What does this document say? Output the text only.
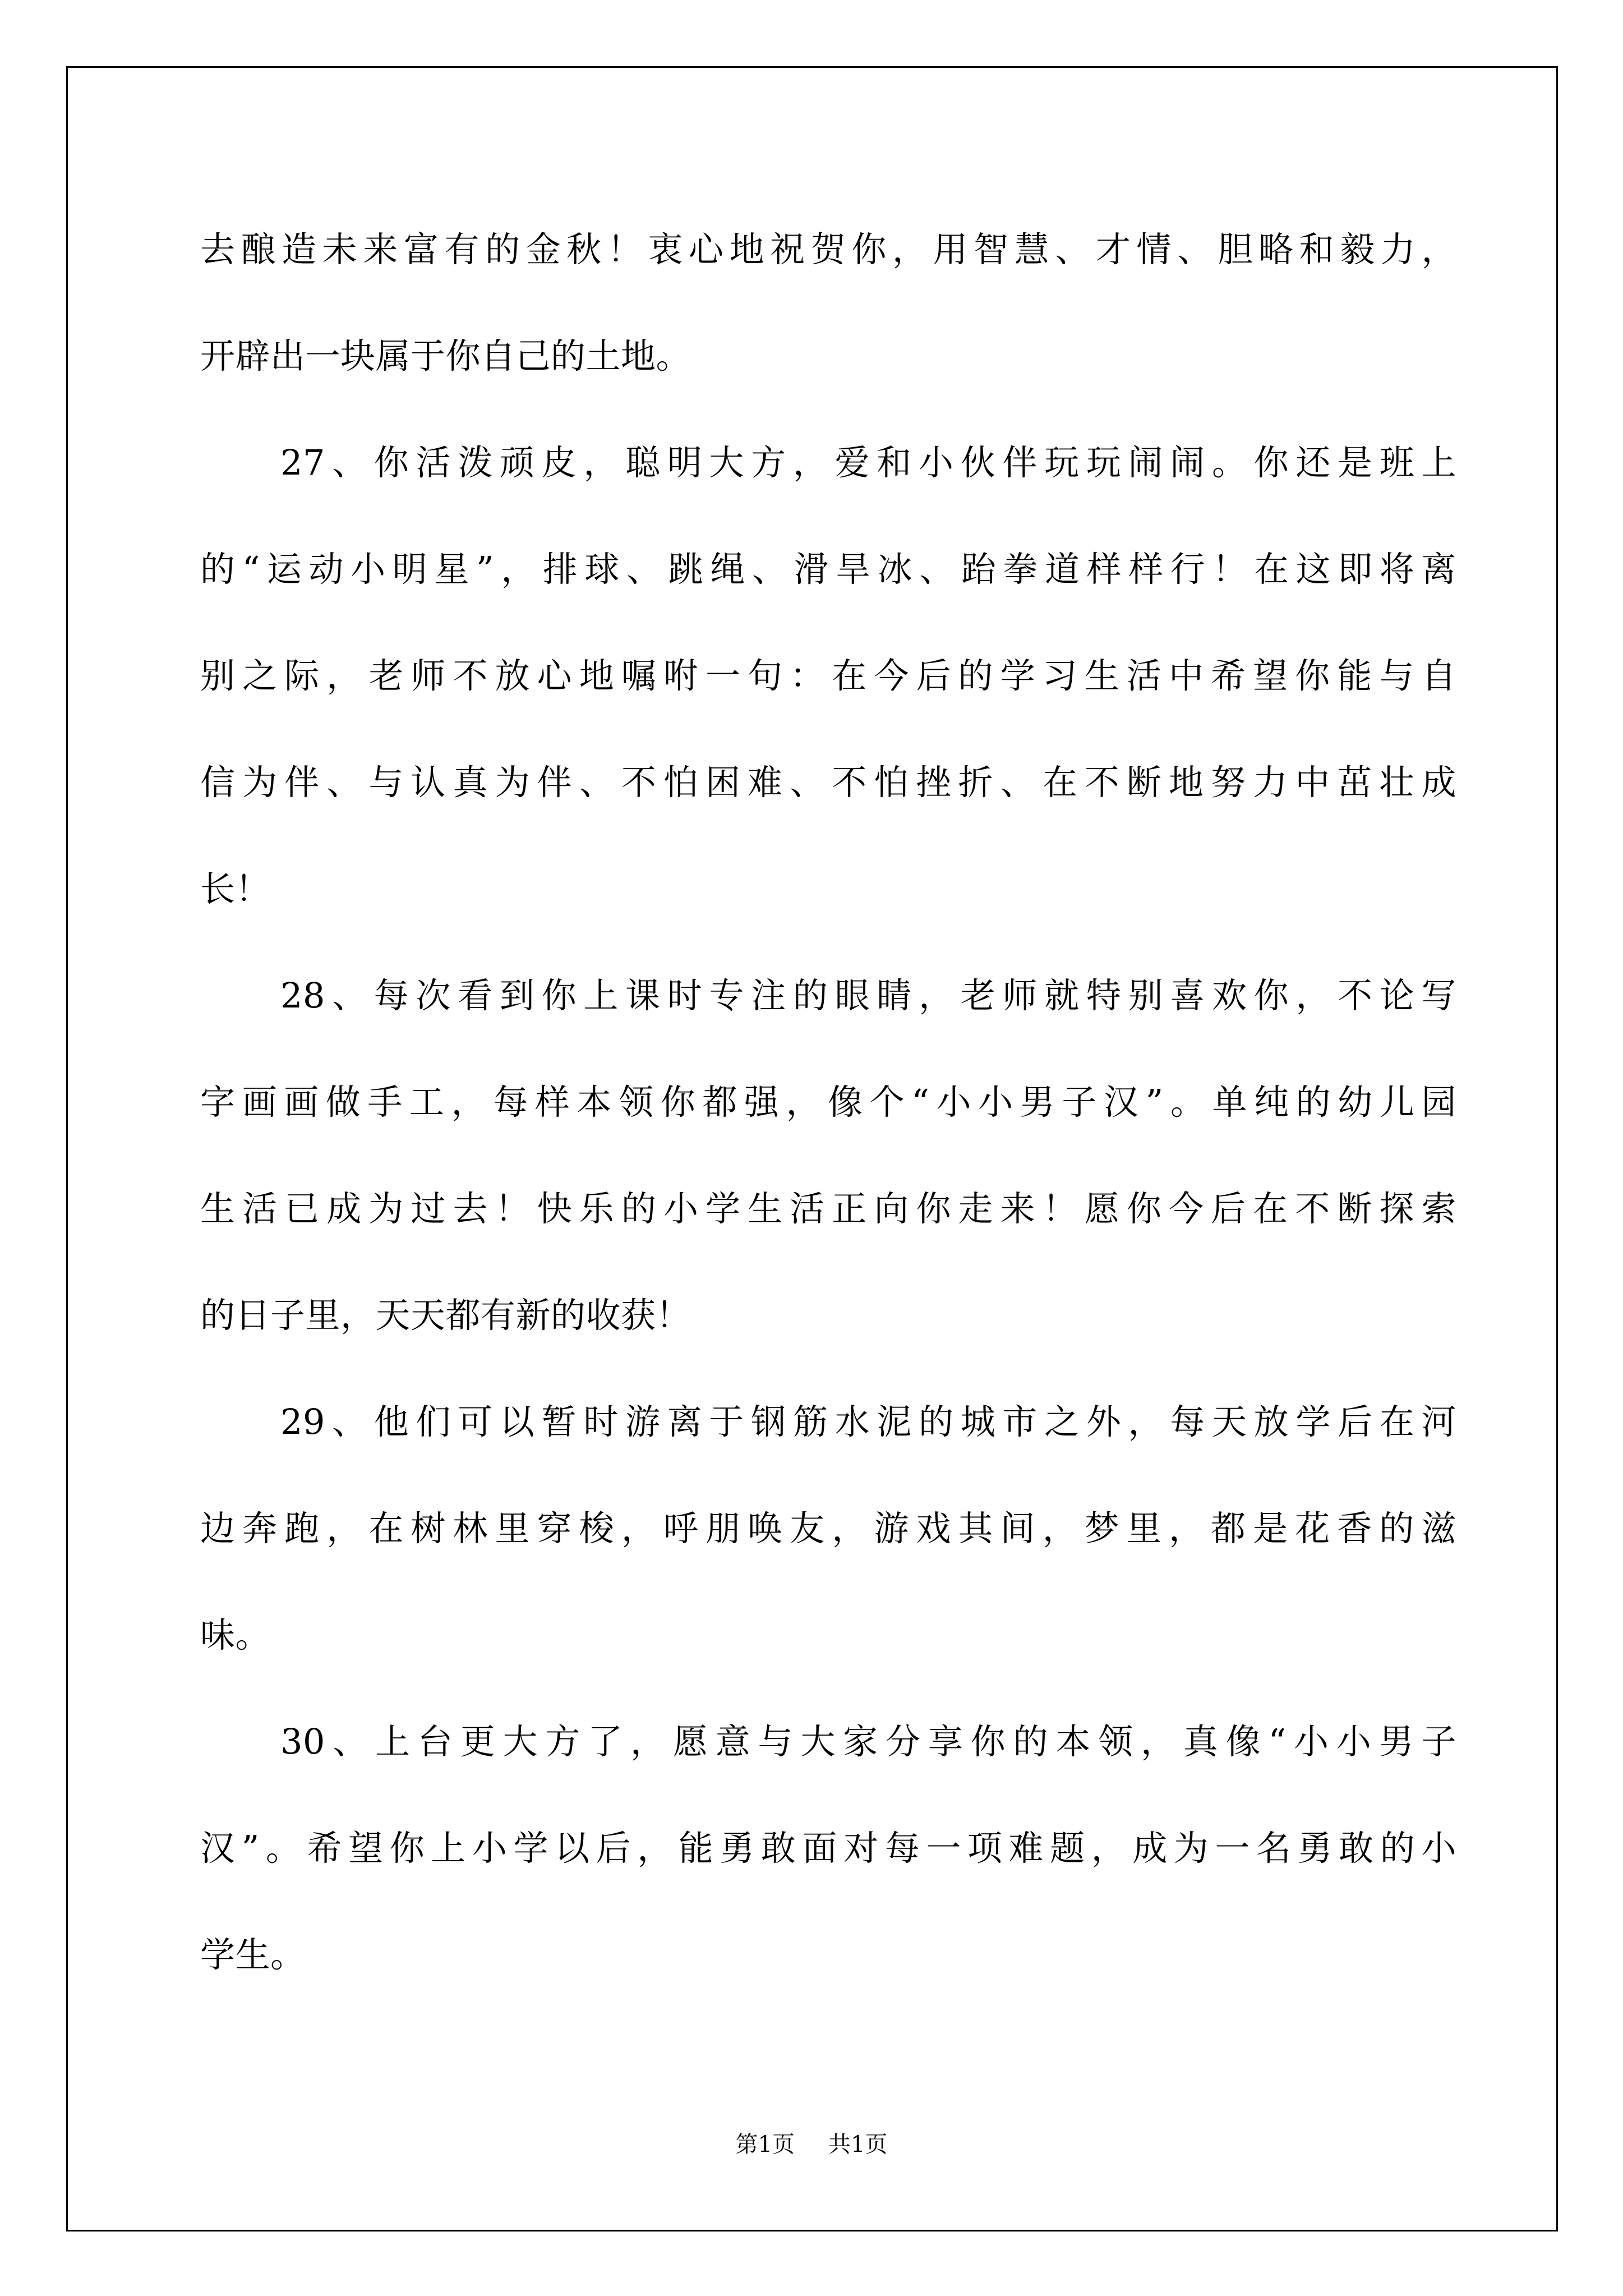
去酿造未来富有的金秋！衷心地祝贺你，用智慧、才情、胆略和毅力，
开辟出一块属于你自己的土地。
27、你活泼顽皮，聪明大方，爱和小伙伴玩玩闹闹。你还是班上
的“运动小明星”，排球、跳绳、滑旱冰、跆拳道样样行！在这即将离
别之际，老师不放心地嘱咐一句：在今后的学习生活中希望你能与自
信为伴、与认真为伴、不怕困难、不怕挫折、在不断地努力中茁壮成
长！
28、每次看到你上课时专注的眼睛，老师就特别喜欢你，不论写
字画画做手工，每样本领你都强，像个“小小男子汉”。单纯的幼儿园
生活已成为过去！快乐的小学生活正向你走来！愿你今后在不断探索
的日子里，天天都有新的收获！
29、他们可以暂时游离于钢筋水泥的城市之外，每天放学后在河
边奔跑，在树林里穿梭，呼朋唤友，游戏其间，梦里，都是花香的滋
味。
30、上台更大方了，愿意与大家分享你的本领，真像“小小男子
汉”。希望你上小学以后，能勇敢面对每一项难题，成为一名勇敢的小
学生。
第1页 共1页
